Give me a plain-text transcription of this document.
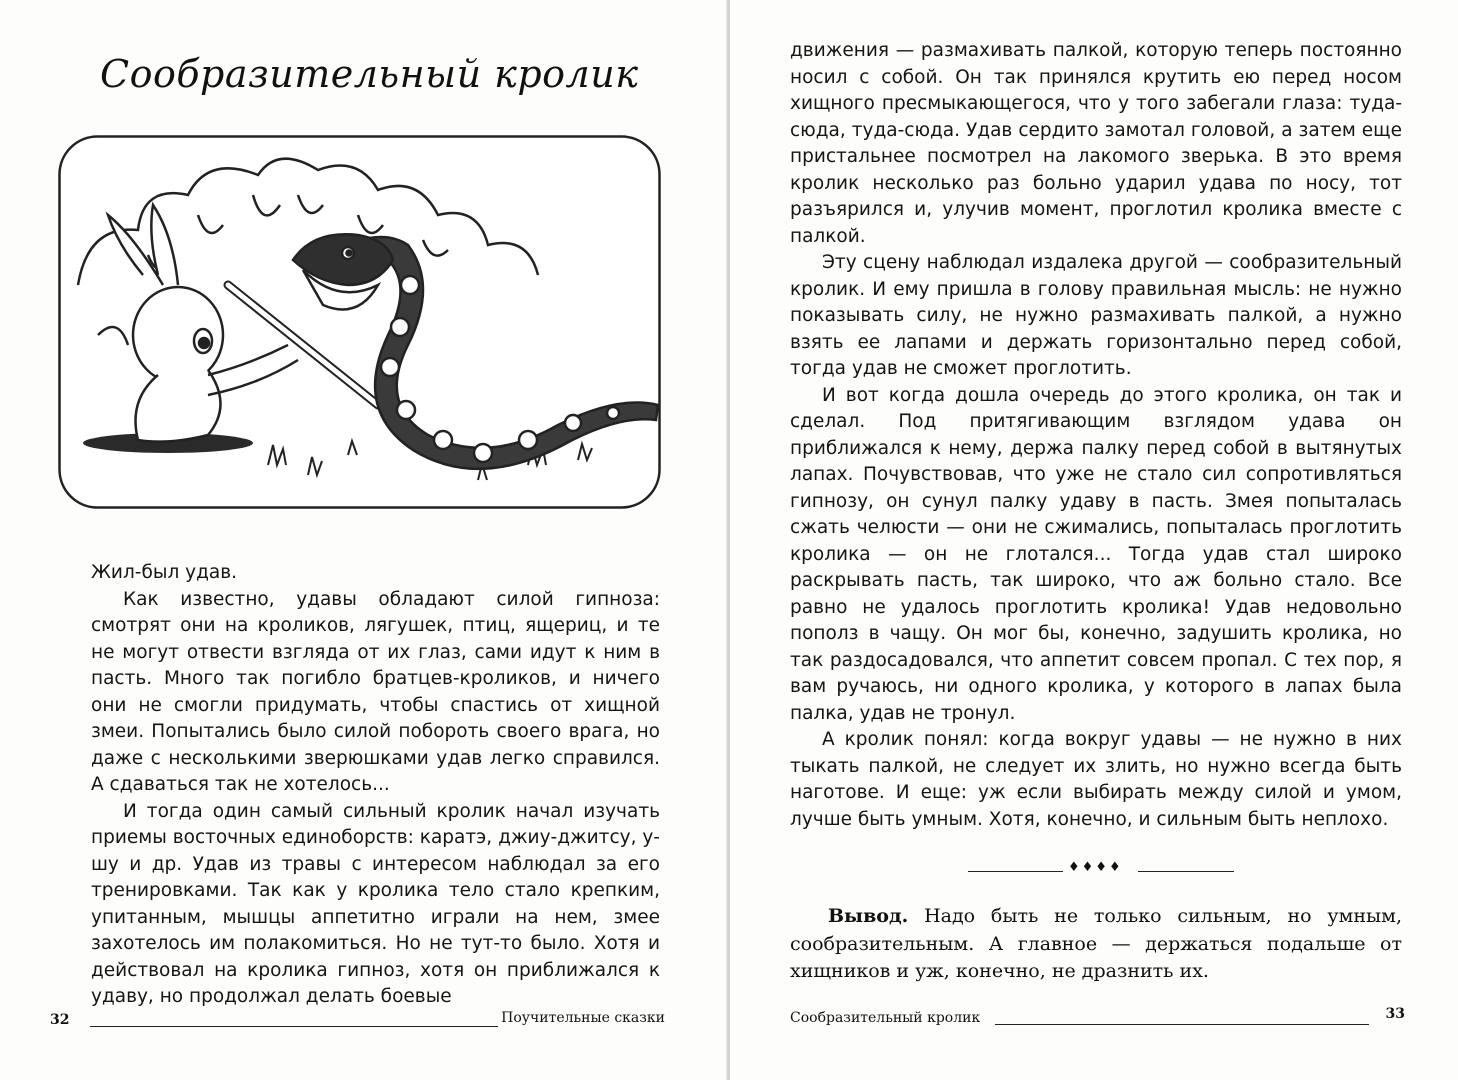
Сообразительный кролик

Жил-был удав.

Как известно, удавы обладают силой гипноза: смотрят они на кроликов, лягушек, птиц, ящериц, и те не могут отвести взгляда от их глаз, сами идут к ним в пасть. Много так погибло братцев-кроликов, и ничего они не смогли придумать, чтобы спастись от хищной змеи. Попытались было силой побороть своего врага, но даже с несколькими зверюшками удав легко справился. А сдаваться так не хотелось...

И тогда один самый сильный кролик начал изучать приемы восточных единоборств: каратэ, джиу-джитсу, у-шу и др. Удав из травы с интересом наблюдал за его тренировками. Так как у кролика тело стало крепким, упитанным, мышцы аппетитно играли на нем, змее захотелось им полакомиться. Но не тут-то было. Хотя и действовал на кролика гипноз, хотя он приближался к удаву, но продолжал делать боевые

32	Поучительные сказки

движения — размахивать палкой, которую теперь постоянно носил с собой. Он так принялся крутить ею перед носом хищного пресмыкающегося, что у того забегали глаза: туда-сюда, туда-сюда. Удав сердито замотал головой, а затем еще пристальнее посмотрел на лакомого зверька. В это время кролик несколько раз больно ударил удава по носу, тот разъярился и, улучив момент, проглотил кролика вместе с палкой.

Эту сцену наблюдал издалека другой — сообразительный кролик. И ему пришла в голову правильная мысль: не нужно показывать силу, не нужно размахивать палкой, а нужно взять ее лапами и держать горизонтально перед собой, тогда удав не сможет проглотить.

И вот когда дошла очередь до этого кролика, он так и сделал. Под притягивающим взглядом удава он приближался к нему, держа палку перед собой в вытянутых лапах. Почувствовав, что уже не стало сил сопротивляться гипнозу, он сунул палку удаву в пасть. Змея попыталась сжать челюсти — они не сжимались, попыталась проглотить кролика — он не глотался... Тогда удав стал широко раскрывать пасть, так широко, что аж больно стало. Все равно не удалось проглотить кролика! Удав недовольно пополз в чащу. Он мог бы, конечно, задушить кролика, но так раздосадовался, что аппетит совсем пропал. С тех пор, я вам ручаюсь, ни одного кролика, у которого в лапах была палка, удав не тронул.

А кролик понял: когда вокруг удавы — не нужно в них тыкать палкой, не следует их злить, но нужно всегда быть наготове. И еще: уж если выбирать между силой и умом, лучше быть умным. Хотя, конечно, и сильным быть неплохо.

♦♦♦♦

Вывод. Надо быть не только сильным, но умным, сообразительным. А главное — держаться подальше от хищников и уж, конечно, не дразнить их.

Сообразительный кролик	33
